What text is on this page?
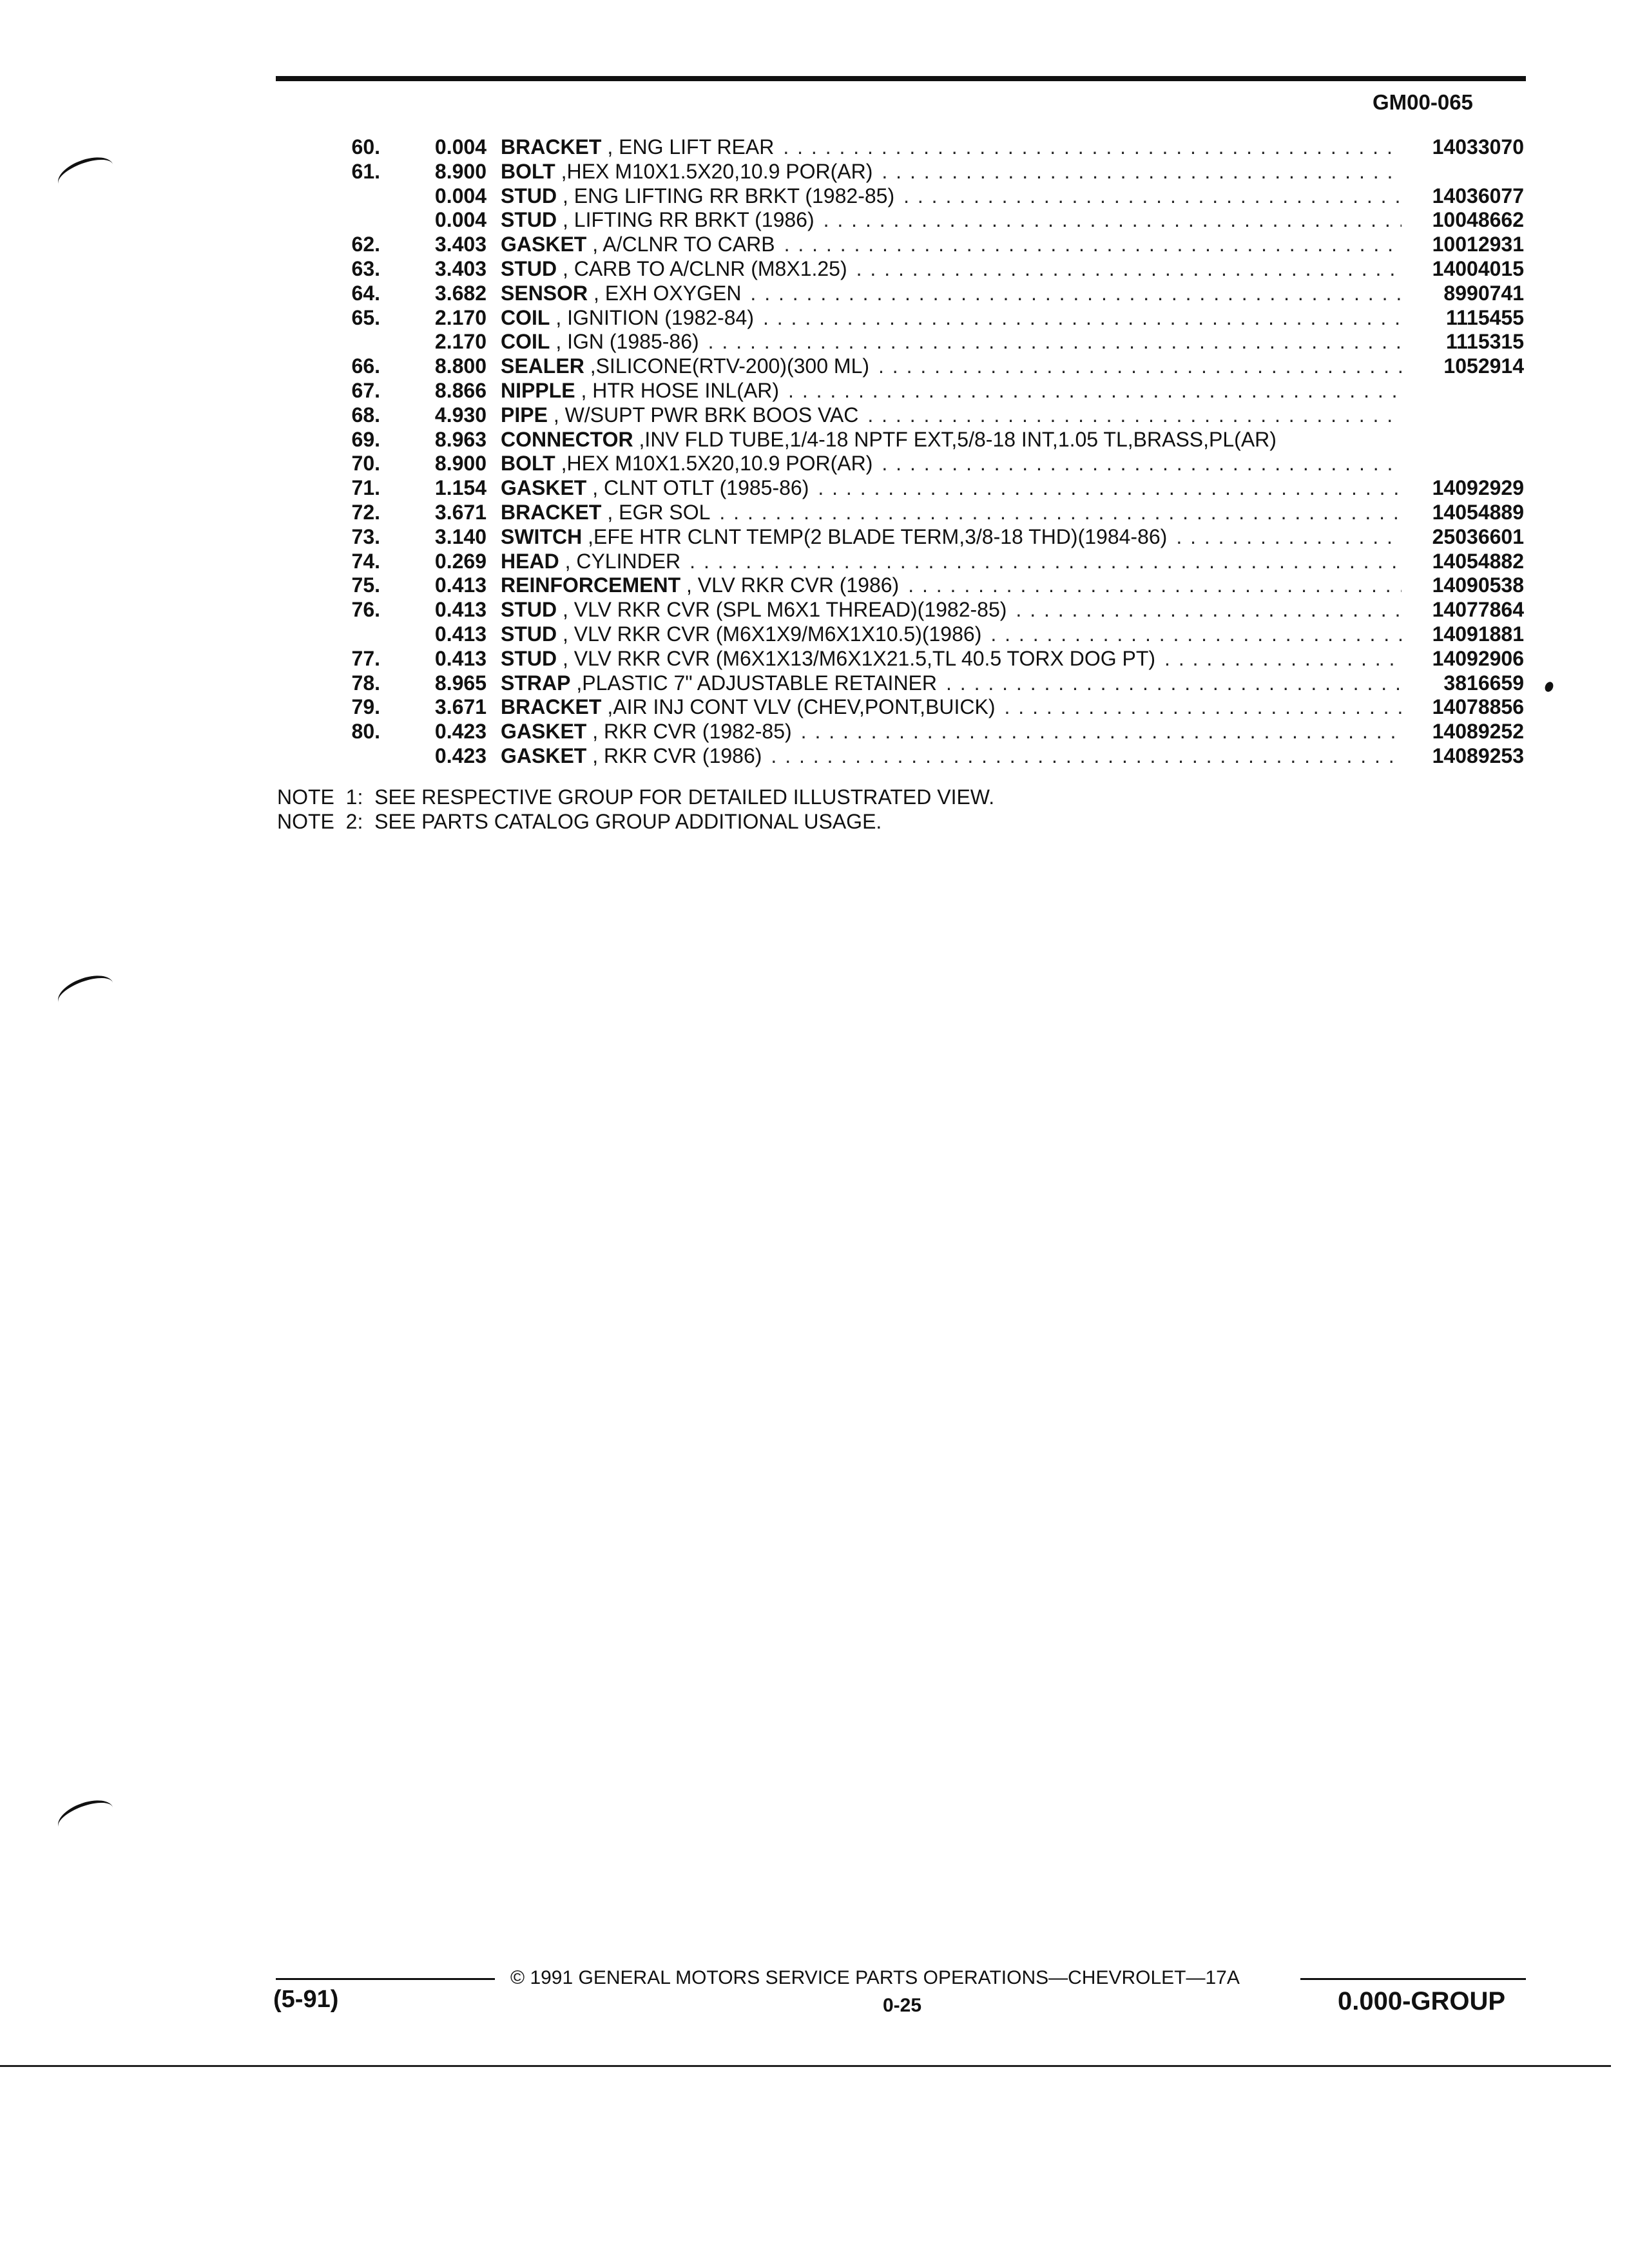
GM00-065
60.	0.004 BRACKET , ENG LIFT REAR . . .	14033070
61.	8.900 BOLT ,HEX M10X1.5X20,10.9 POR(AR)
. . .
0.004 STUD , ENG LIFTING RR BRKT (1982-85) . . .	14036077
0.004 STUD , LIFTING RR BRKT (1986) . . .	10048662
62.	3.403 GASKET , A/CLNR TO CARB . . .	10012931
63.	3.403 STUD , CARB TO A/CLNR (M8X1.25) . . .	14004015
64.	3.682 SENSOR , EXH OXYGEN . . .	8990741
65.	2.170 COIL , IGNITION (1982-84) . . .	1115455
2.170 COIL , IGN (1985-86) . . .	1115315
66.	8.800 SEALER ,SILICONE(RTV-200)(300 ML) . . .	1052914
67.	8.866 NIPPLE , HTR HOSE INL(AR)
. . .
68.	4.930 PIPE , W/SUPT PWR BRK BOOS VAC
. . .
69.	8.963 CONNECTOR ,INV FLD TUBE,1/4-18 NPTF EXT,5/8-18 INT,1.05 TL,BRASS,PL(AR)
70.	8.900 BOLT ,HEX M10X1.5X20,10.9 POR(AR)
. . .
71.	1.154 GASKET , CLNT OTLT (1985-86) . . .	14092929
72.	3.671 BRACKET , EGR SOL . . .	14054889
73.	3.140 SWITCH ,EFE HTR CLNT TEMP(2 BLADE TERM,3/8-18 THD)(1984-86) . . .	25036601
74.	0.269 HEAD , CYLINDER . . .	14054882
75.	0.413 REINFORCEMENT , VLV RKR CVR (1986) . . .	14090538
76.	0.413 STUD , VLV RKR CVR (SPL M6X1 THREAD)(1982-85) . . .	14077864
0.413 STUD , VLV RKR CVR (M6X1X9/M6X1X10.5)(1986) . . .	14091881
77.	0.413 STUD , VLV RKR CVR (M6X1X13/M6X1X21.5,TL 40.5 TORX DOG PT) . . .	14092906
78.	8.965 STRAP ,PLASTIC 7" ADJUSTABLE RETAINER . . .	3816659
79.	3.671 BRACKET ,AIR INJ CONT VLV (CHEV,PONT,BUICK) . . .	14078856
80.	0.423 GASKET , RKR CVR (1982-85) . . .	14089252
0.423 GASKET , RKR CVR (1986) . . .	14089253
NOTE  1:  SEE RESPECTIVE GROUP FOR DETAILED ILLUSTRATED VIEW.
NOTE  2:  SEE PARTS CATALOG GROUP ADDITIONAL USAGE.
© 1991 GENERAL MOTORS SERVICE PARTS OPERATIONS—CHEVROLET—17A
(5-91)	0-25	0.000-GROUP
